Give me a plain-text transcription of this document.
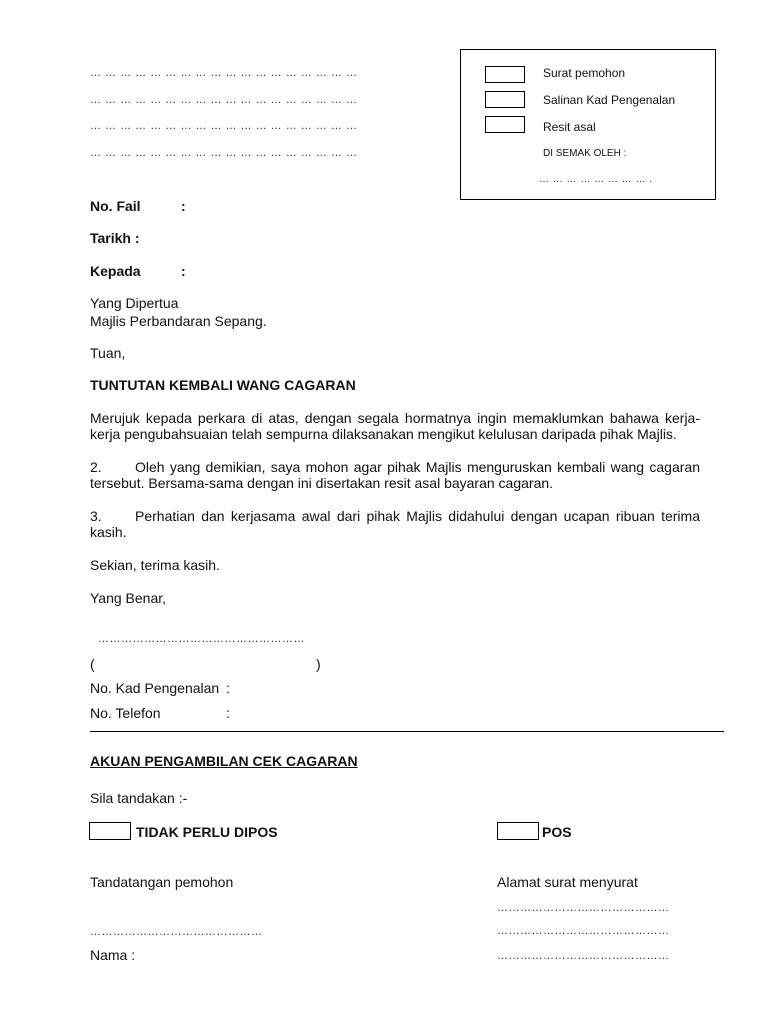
… … … … … … … … … … … … … … … … … …
… … … … … … … … … … … … … … … … … …
… … … … … … … … … … … … … … … … … …
… … … … … … … … … … … … … … … … … …
Surat pemohon
Salinan Kad Pengenalan
Resit asal
DI SEMAK OLEH :
… … … … … … … … .
No. Fail	:
Tarikh :
Kepada	:
Yang Dipertua
Majlis Perbandaran Sepang.
Tuan,
TUNTUTAN KEMBALI WANG CAGARAN
Merujuk kepada perkara di atas, dengan segala hormatnya ingin memaklumkan bahawa kerja-kerja pengubahsuaian telah sempurna dilaksanakan mengikut kelulusan daripada pihak Majlis.
2. Oleh yang demikian, saya mohon agar pihak Majlis menguruskan kembali wang cagaran tersebut. Bersama-sama dengan ini disertakan resit asal bayaran cagaran.
3. Perhatian dan kerjasama awal dari pihak Majlis didahului dengan ucapan ribuan terima kasih.
Sekian, terima kasih.
Yang Benar,
………………………………………………
(	)
No. Kad Pengenalan :
No. Telefon	:
AKUAN PENGAMBILAN CEK CAGARAN
Sila tandakan :-
TIDAK PERLU DIPOS	POS
Tandatangan pemohon
………………………………………
Nama :
Alamat surat menyurat
………………………………………
………………………………………
………………………………………
